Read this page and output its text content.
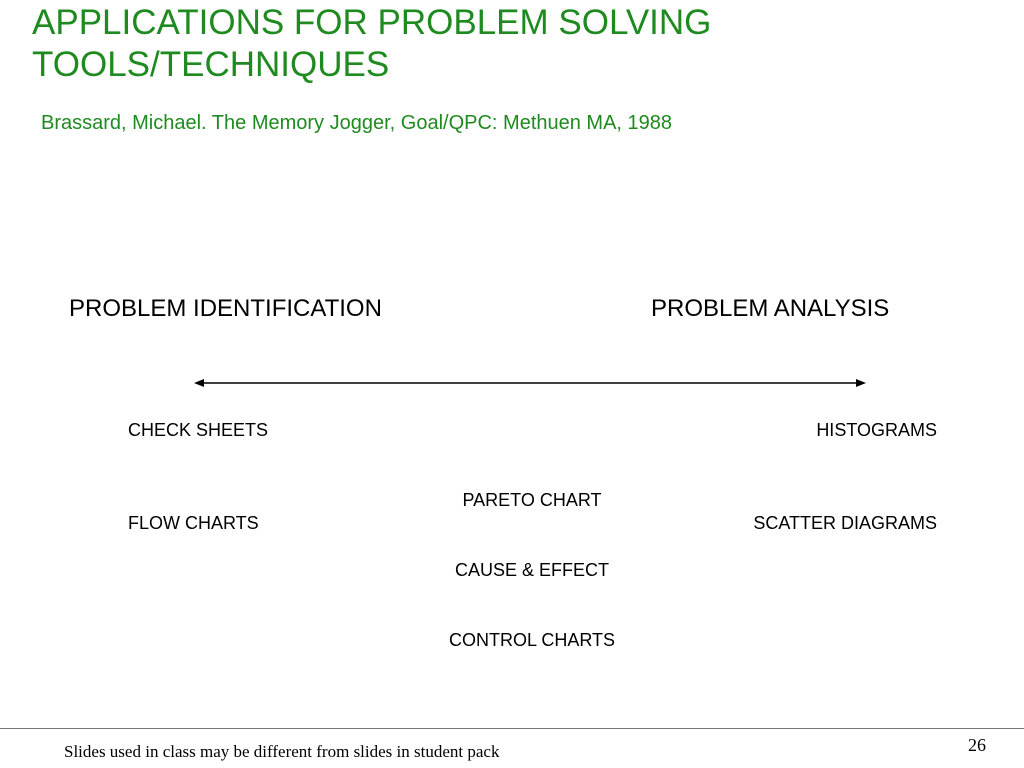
APPLICATIONS FOR PROBLEM SOLVING
TOOLS/TECHNIQUES
Brassard, Michael. The Memory Jogger, Goal/QPC: Methuen MA, 1988
PROBLEM IDENTIFICATION	PROBLEM ANALYSIS
CHECK SHEETS
FLOW CHARTS
HISTOGRAMS
SCATTER DIAGRAMS
PARETO CHART
CAUSE & EFFECT
CONTROL CHARTS
Slides used in class may be different from slides in student pack	26
